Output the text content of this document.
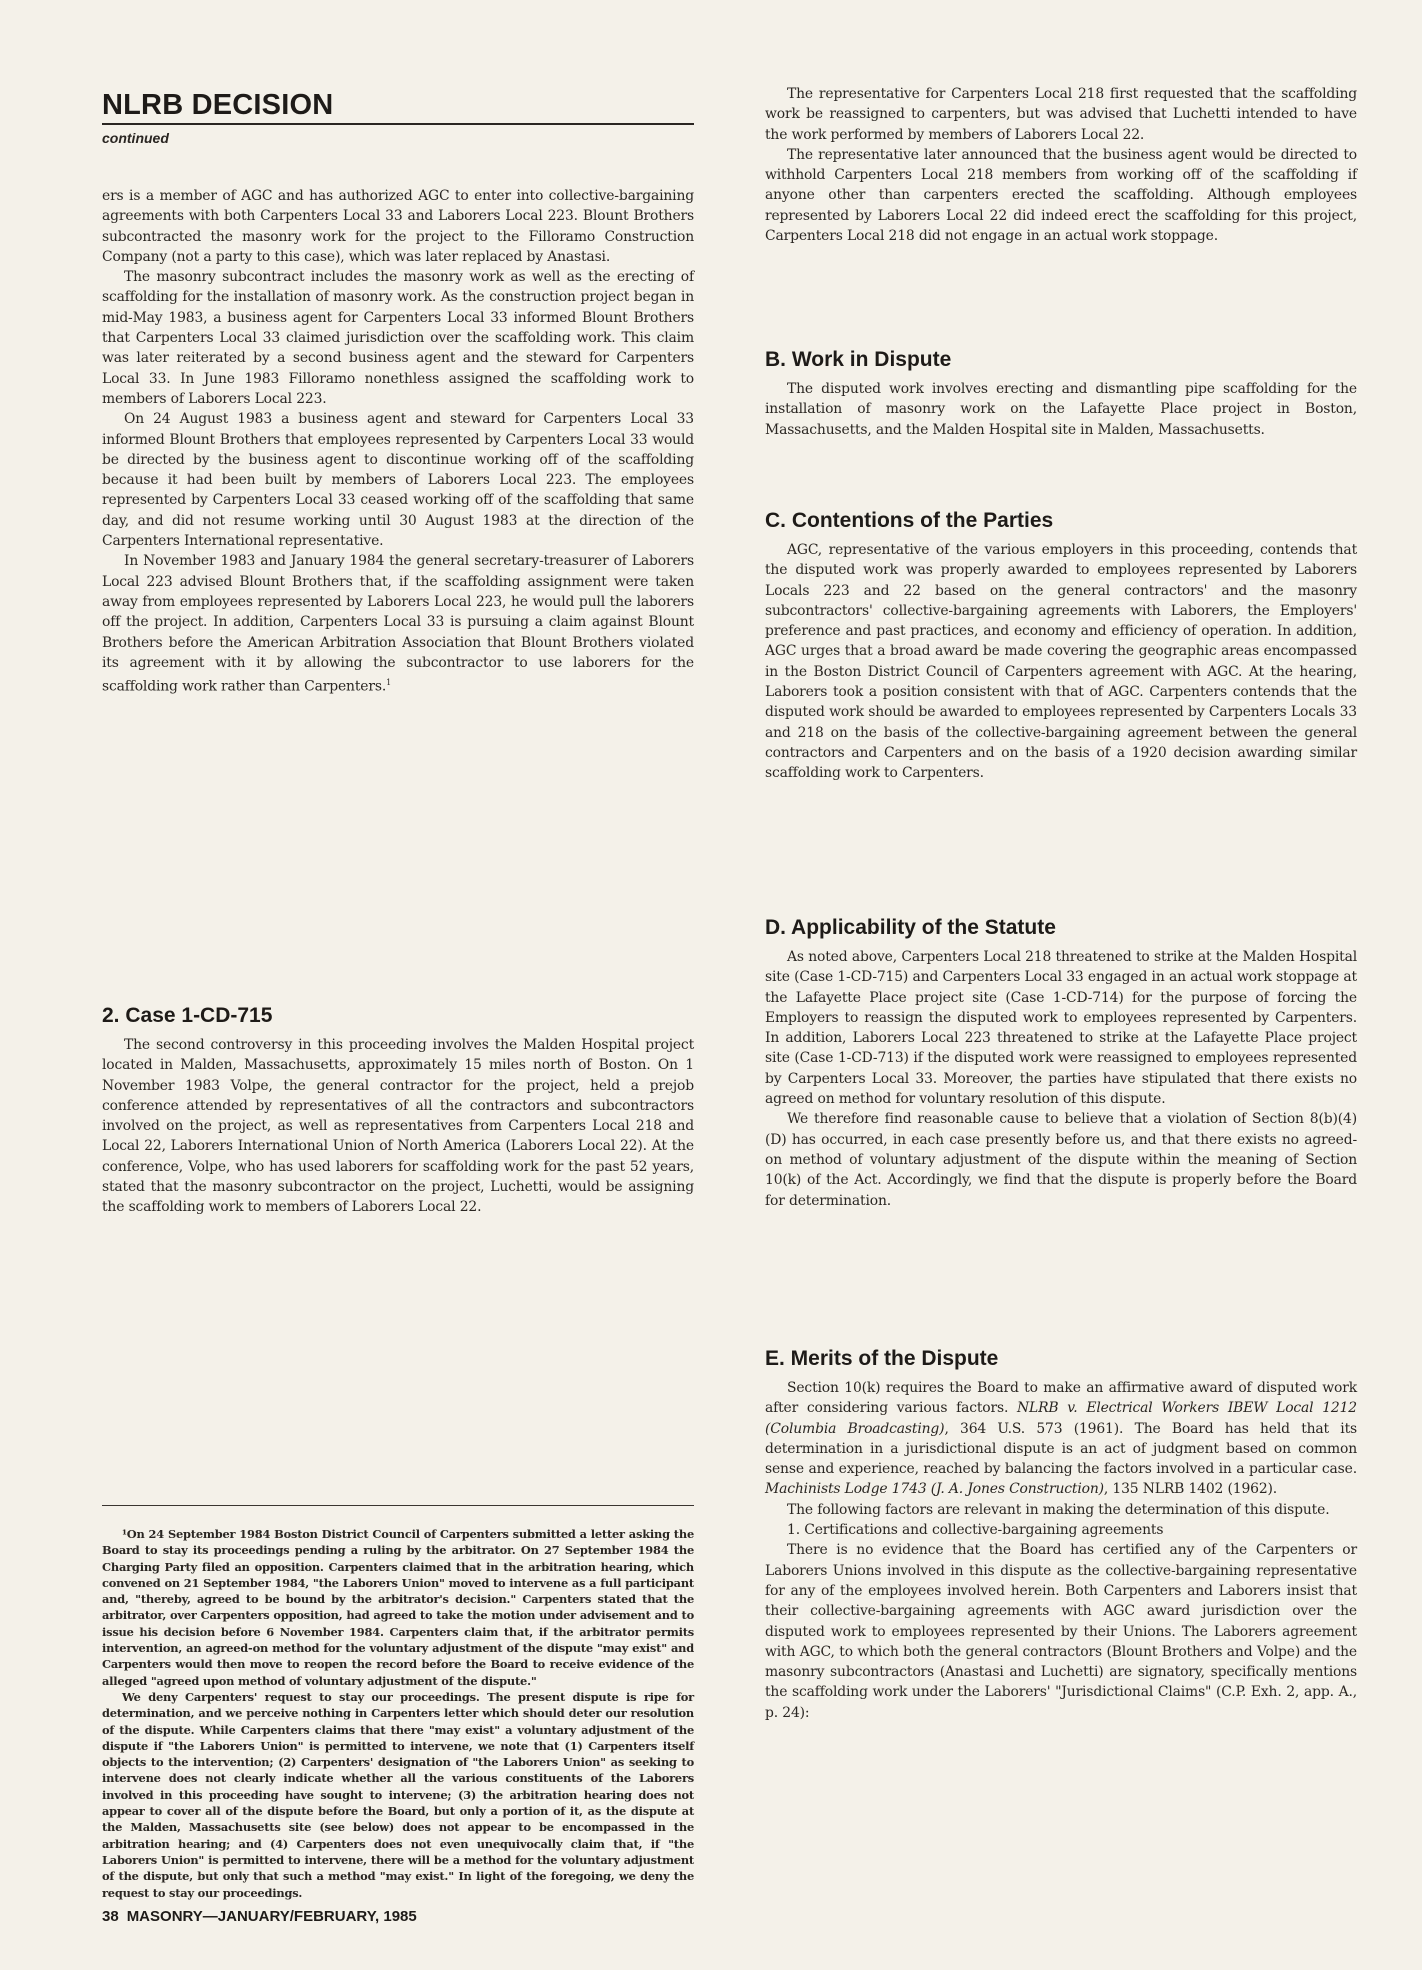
NLRB DECISION
continued

ers is a member of AGC and has authorized AGC to enter into collective-bargaining agreements with both Carpenters Local 33 and Laborers Local 223. Blount Brothers subcontracted the masonry work for the project to the Filloramo Construction Company (not a party to this case), which was later replaced by Anastasi.

The masonry subcontract includes the masonry work as well as the erecting of scaffolding for the installation of masonry work. As the construction project began in mid-May 1983, a business agent for Carpenters Local 33 informed Blount Brothers that Carpenters Local 33 claimed jurisdiction over the scaffolding work. This claim was later reiterated by a second business agent and the steward for Carpenters Local 33. In June 1983 Filloramo nonethless assigned the scaffolding work to members of Laborers Local 223.

On 24 August 1983 a business agent and steward for Carpenters Local 33 informed Blount Brothers that employees represented by Carpenters Local 33 would be directed by the business agent to discontinue working off of the scaffolding because it had been built by members of Laborers Local 223. The employees represented by Carpenters Local 33 ceased working off of the scaffolding that same day, and did not resume working until 30 August 1983 at the direction of the Carpenters International representative.

In November 1983 and January 1984 the general secretary-treasurer of Laborers Local 223 advised Blount Brothers that, if the scaffolding assignment were taken away from employees represented by Laborers Local 223, he would pull the laborers off the project. In addition, Carpenters Local 33 is pursuing a claim against Blount Brothers before the American Arbitration Association that Blount Brothers violated its agreement with it by allowing the subcontractor to use laborers for the scaffolding work rather than Carpenters.$^1$

2. Case 1-CD-715

The second controversy in this proceeding involves the Malden Hospital project located in Malden, Massachusetts, approximately 15 miles north of Boston. On 1 November 1983 Volpe, the general contractor for the project, held a prejob conference attended by representatives of all the contractors and subcontractors involved on the project, as well as representatives from Carpenters Local 218 and Local 22, Laborers International Union of North America (Laborers Local 22). At the conference, Volpe, who has used laborers for scaffolding work for the past 52 years, stated that the masonry subcontractor on the project, Luchetti, would be assigning the scaffolding work to members of Laborers Local 22.

¹On 24 September 1984 Boston District Council of Carpenters submitted a letter asking the Board to stay its proceedings pending a ruling by the arbitrator. On 27 September 1984 the Charging Party filed an opposition. Carpenters claimed that in the arbitration hearing, which convened on 21 September 1984, "the Laborers Union" moved to intervene as a full participant and, "thereby, agreed to be bound by the arbitrator's decision." Carpenters stated that the arbitrator, over Carpenters opposition, had agreed to take the motion under advisement and to issue his decision before 6 November 1984. Carpenters claim that, if the arbitrator permits intervention, an agreed-on method for the voluntary adjustment of the dispute "may exist" and Carpenters would then move to reopen the record before the Board to receive evidence of the alleged "agreed upon method of voluntary adjustment of the dispute."

We deny Carpenters' request to stay our proceedings. The present dispute is ripe for determination, and we perceive nothing in Carpenters letter which should deter our resolution of the dispute. While Carpenters claims that there "may exist" a voluntary adjustment of the dispute if "the Laborers Union" is permitted to intervene, we note that (1) Carpenters itself objects to the intervention; (2) Carpenters' designation of "the Laborers Union" as seeking to intervene does not clearly indicate whether all the various constituents of the Laborers involved in this proceeding have sought to intervene; (3) the arbitration hearing does not appear to cover all of the dispute before the Board, but only a portion of it, as the dispute at the Malden, Massachusetts site (see below) does not appear to be encompassed in the arbitration hearing; and (4) Carpenters does not even unequivocally claim that, if "the Laborers Union" is permitted to intervene, there will be a method for the voluntary adjustment of the dispute, but only that such a method "may exist." In light of the foregoing, we deny the request to stay our proceedings.

The representative for Carpenters Local 218 first requested that the scaffolding work be reassigned to carpenters, but was advised that Luchetti intended to have the work performed by members of Laborers Local 22.

The representative later announced that the business agent would be directed to withhold Carpenters Local 218 members from working off of the scaffolding if anyone other than carpenters erected the scaffolding. Although employees represented by Laborers Local 22 did indeed erect the scaffolding for this project, Carpenters Local 218 did not engage in an actual work stoppage.

B. Work in Dispute

The disputed work involves erecting and dismantling pipe scaffolding for the installation of masonry work on the Lafayette Place project in Boston, Massachusetts, and the Malden Hospital site in Malden, Massachusetts.

C. Contentions of the Parties

AGC, representative of the various employers in this proceeding, contends that the disputed work was properly awarded to employees represented by Laborers Locals 223 and 22 based on the general contractors' and the masonry subcontractors' collective-bargaining agreements with Laborers, the Employers' preference and past practices, and economy and efficiency of operation. In addition, AGC urges that a broad award be made covering the geographic areas encompassed in the Boston District Council of Carpenters agreement with AGC. At the hearing, Laborers took a position consistent with that of AGC. Carpenters contends that the disputed work should be awarded to employees represented by Carpenters Locals 33 and 218 on the basis of the collective-bargaining agreement between the general contractors and Carpenters and on the basis of a 1920 decision awarding similar scaffolding work to Carpenters.

D. Applicability of the Statute

As noted above, Carpenters Local 218 threatened to strike at the Malden Hospital site (Case 1-CD-715) and Carpenters Local 33 engaged in an actual work stoppage at the Lafayette Place project site (Case 1-CD-714) for the purpose of forcing the Employers to reassign the disputed work to employees represented by Carpenters. In addition, Laborers Local 223 threatened to strike at the Lafayette Place project site (Case 1-CD-713) if the disputed work were reassigned to employees represented by Carpenters Local 33. Moreover, the parties have stipulated that there exists no agreed on method for voluntary resolution of this dispute.

We therefore find reasonable cause to believe that a violation of Section 8(b)(4)(D) has occurred, in each case presently before us, and that there exists no agreed-on method of voluntary adjustment of the dispute within the meaning of Section 10(k) of the Act. Accordingly, we find that the dispute is properly before the Board for determination.

E. Merits of the Dispute

Section 10(k) requires the Board to make an affirmative award of disputed work after considering various factors. NLRB v. Electrical Workers IBEW Local 1212 (Columbia Broadcasting), 364 U.S. 573 (1961). The Board has held that its determination in a jurisdictional dispute is an act of judgment based on common sense and experience, reached by balancing the factors involved in a particular case. Machinists Lodge 1743 (J. A. Jones Construction), 135 NLRB 1402 (1962).

The following factors are relevant in making the determination of this dispute.

1. Certifications and collective-bargaining agreements

There is no evidence that the Board has certified any of the Carpenters or Laborers Unions involved in this dispute as the collective-bargaining representative for any of the employees involved herein. Both Carpenters and Laborers insist that their collective-bargaining agreements with AGC award jurisdiction over the disputed work to employees represented by their Unions. The Laborers agreement with AGC, to which both the general contractors (Blount Brothers and Volpe) and the masonry subcontractors (Anastasi and Luchetti) are signatory, specifically mentions the scaffolding work under the Laborers' "Jurisdictional Claims" (C.P. Exh. 2, app. A., p. 24):

38 MASONRY—JANUARY/FEBRUARY, 1985
